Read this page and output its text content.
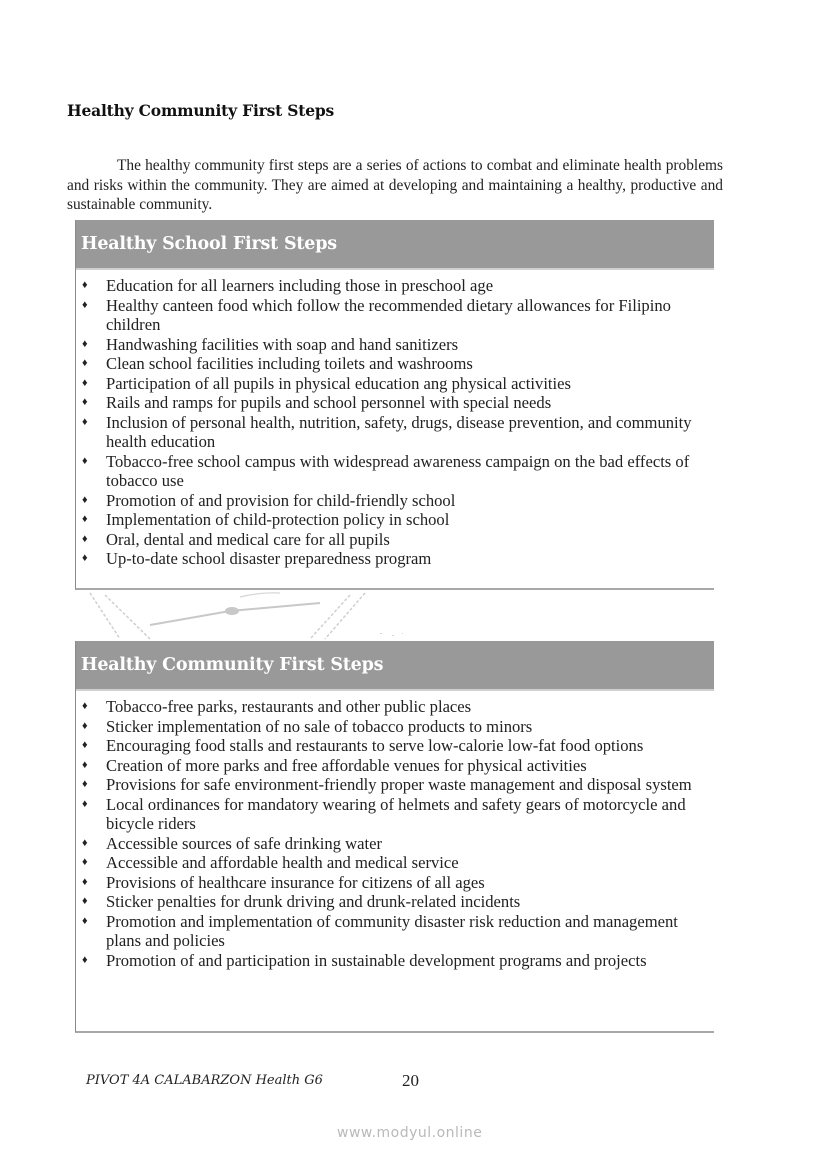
Healthy Community First Steps

The healthy community first steps are a series of actions to combat and eliminate health problems and risks within the community. They are aimed at developing and maintaining a healthy, productive and sustainable community.

Healthy School First Steps
♦ Education for all learners including those in preschool age
♦ Healthy canteen food which follow the recommended dietary allowances for Filipino children
♦ Handwashing facilities with soap and hand sanitizers
♦ Clean school facilities including toilets and washrooms
♦ Participation of all pupils in physical education ang physical activities
♦ Rails and ramps for pupils and school personnel with special needs
♦ Inclusion of personal health, nutrition, safety, drugs, disease prevention, and community health education
♦ Tobacco-free school campus with widespread awareness campaign on the bad effects of tobacco use
♦ Promotion of and provision for child-friendly school
♦ Implementation of child-protection policy in school
♦ Oral, dental and medical care for all pupils
♦ Up-to-date school disaster preparedness program
Healthy Community First Steps
♦ Tobacco-free parks, restaurants and other public places
♦ Sticker implementation of no sale of tobacco products to minors
♦ Encouraging food stalls and restaurants to serve low-calorie low-fat food options
♦ Creation of more parks and free affordable venues for physical activities
♦ Provisions for safe environment-friendly proper waste management and disposal system
♦ Local ordinances for mandatory wearing of helmets and safety gears of motorcycle and bicycle riders
♦ Accessible sources of safe drinking water
♦ Accessible and affordable health and medical service
♦ Provisions of healthcare insurance for citizens of all ages
♦ Sticker penalties for drunk driving and drunk-related incidents
♦ Promotion and implementation of community disaster risk reduction and management plans and policies
♦ Promotion of and participation in sustainable development programs and projects
PIVOT 4A CALABARZON Health G6	20
www.modyul.online
